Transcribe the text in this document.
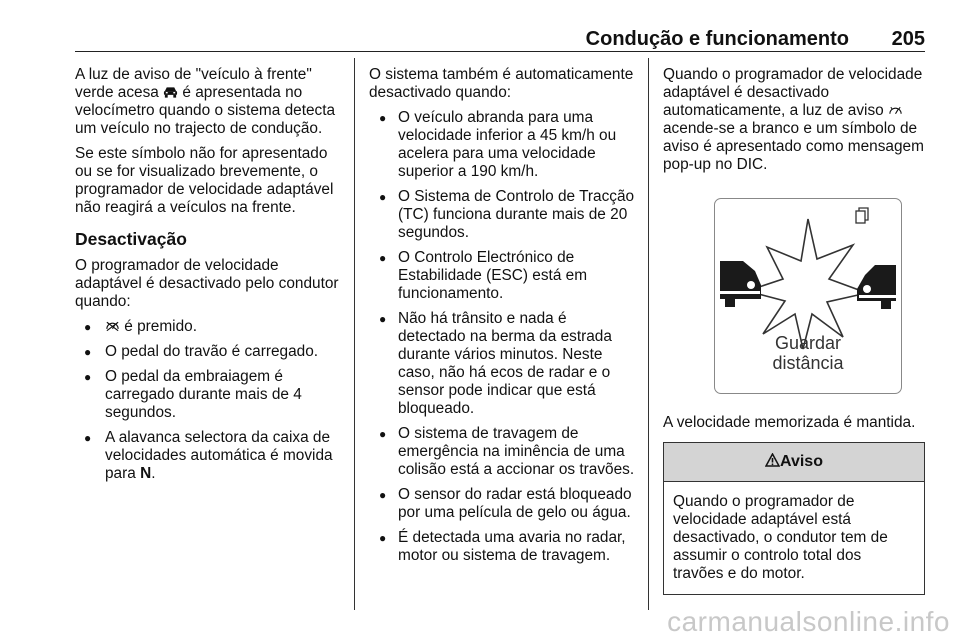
Condução e funcionamento 205

A luz de aviso de "veículo à frente" verde acesa  é apresentada no velocímetro quando o sistema detecta um veículo no trajecto de condução.

Se este símbolo não for apresentado ou se for visualizado brevemente, o programador de velocidade adaptável não reagirá a veículos na frente.

Desactivação

O programador de velocidade adaptável é desactivado pelo condutor quando:

● é premido.
● O pedal do travão é carregado.
● O pedal da embraiagem é carregado durante mais de 4 segundos.
● A alavanca selectora da caixa de velocidades automática é movida para N.

O sistema também é automaticamente desactivado quando:

● O veículo abranda para uma velocidade inferior a 45 km/h ou acelera para uma velocidade superior a 190 km/h.
● O Sistema de Controlo de Tracção (TC) funciona durante mais de 20 segundos.
● O Controlo Electrónico de Estabilidade (ESC) está em funcionamento.
● Não há trânsito e nada é detectado na berma da estrada durante vários minutos. Neste caso, não há ecos de radar e o sensor pode indicar que está bloqueado.
● O sistema de travagem de emergência na iminência de uma colisão está a accionar os travões.
● O sensor do radar está bloqueado por uma película de gelo ou água.
● É detectada uma avaria no radar, motor ou sistema de travagem.

Quando o programador de velocidade adaptável é desactivado automaticamente, a luz de aviso  acende-se a branco e um símbolo de aviso é apresentado como mensagem pop-up no DIC.

Guardar
distância

A velocidade memorizada é mantida.

Aviso
Quando o programador de velocidade adaptável está desactivado, o condutor tem de assumir o controlo total dos travões e do motor.
carmanualsonline.info
